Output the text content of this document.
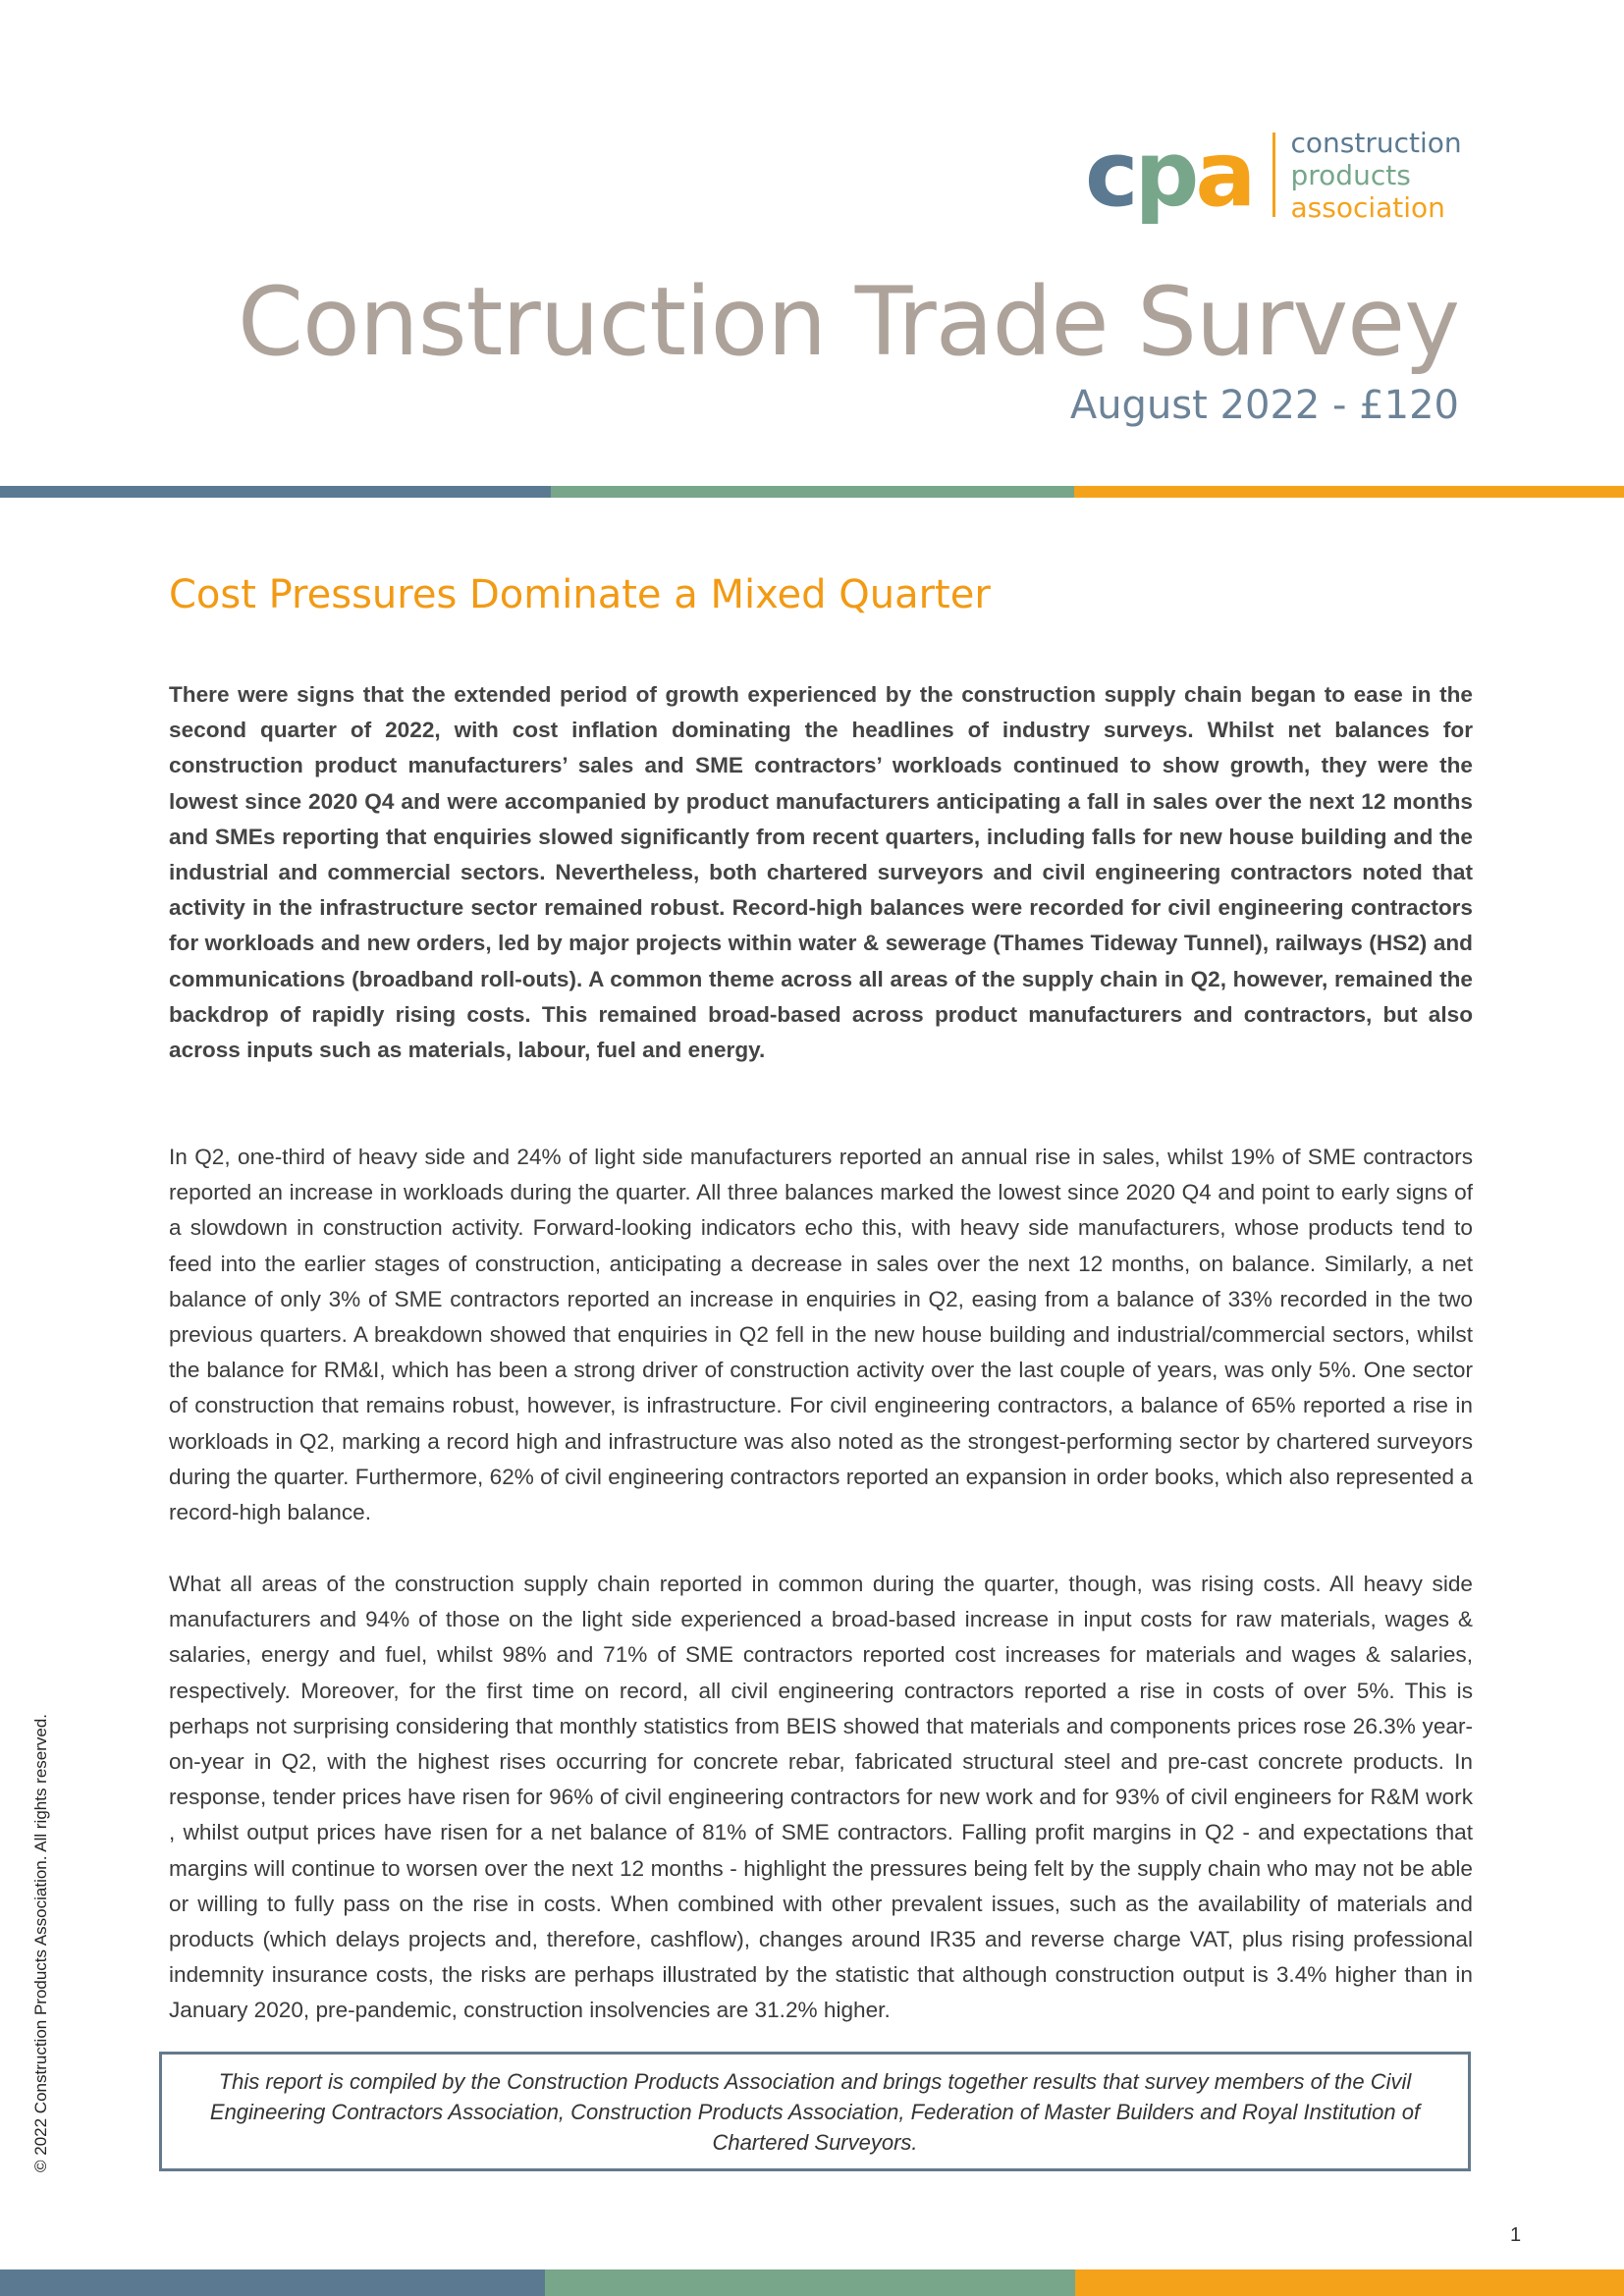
c p a construction
products
association
Construction Trade Survey
August 2022 - £120
Cost Pressures Dominate a Mixed Quarter

There were signs that the extended period of growth experienced by the construction supply chain began to ease in the second quarter of 2022, with cost inflation dominating the headlines of industry surveys. Whilst net balances for construction product manufacturers’ sales and SME contractors’ workloads continued to show growth, they were the lowest since 2020 Q4 and were accompanied by product manufacturers anticipating a fall in sales over the next 12 months and SMEs reporting that enquiries slowed significantly from recent quarters, including falls for new house building and the industrial and commercial sectors. Nevertheless, both chartered surveyors and civil engineering contractors noted that activity in the infrastructure sector remained robust. Record-high balances were recorded for civil engineering contractors for workloads and new orders, led by major projects within water & sewerage (Thames Tideway Tunnel), railways (HS2) and communications (broadband roll-outs). A common theme across all areas of the supply chain in Q2, however, remained the backdrop of rapidly rising costs. This remained broad-based across product manufacturers and contractors, but also across inputs such as materials, labour, fuel and energy.

In Q2, one-third of heavy side and 24% of light side manufacturers reported an annual rise in sales, whilst 19% of SME contractors reported an increase in workloads during the quarter. All three balances marked the lowest since 2020 Q4 and point to early signs of a slowdown in construction activity. Forward-looking indicators echo this, with heavy side manufacturers, whose products tend to feed into the earlier stages of construction, anticipating a decrease in sales over the next 12 months, on balance. Similarly, a net balance of only 3% of SME contractors reported an increase in enquiries in Q2, easing from a balance of 33% recorded in the two previous quarters. A breakdown showed that enquiries in Q2 fell in the new house building and industrial/commercial sectors, whilst the balance for RM&I, which has been a strong driver of construction activity over the last couple of years, was only 5%. One sector of construction that remains robust, however, is infrastructure. For civil engineering contractors, a balance of 65% reported a rise in workloads in Q2, marking a record high and infrastructure was also noted as the strongest-performing sector by chartered surveyors during the quarter. Furthermore, 62% of civil engineering contractors reported an expansion in order books, which also represented a record-high balance.

What all areas of the construction supply chain reported in common during the quarter, though, was rising costs. All heavy side manufacturers and 94% of those on the light side experienced a broad-based increase in input costs for raw materials, wages & salaries, energy and fuel, whilst 98% and 71% of SME contractors reported cost increases for materials and wages & salaries, respectively. Moreover, for the first time on record, all civil engineering contractors reported a rise in costs of over 5%. This is perhaps not surprising considering that monthly statistics from BEIS showed that materials and components prices rose 26.3% year-on-year in Q2, with the highest rises occurring for concrete rebar, fabricated structural steel and pre-cast concrete products. In response, tender prices have risen for 96% of civil engineering contractors for new work and for 93% of civil engineers for R&M work , whilst output prices have risen for a net balance of 81% of SME contractors. Falling profit margins in Q2 - and expectations that margins will continue to worsen over the next 12 months - highlight the pressures being felt by the supply chain who may not be able or willing to fully pass on the rise in costs. When combined with other prevalent issues, such as the availability of materials and products (which delays projects and, therefore, cashflow), changes around IR35 and reverse charge VAT, plus rising professional indemnity insurance costs, the risks are perhaps illustrated by the statistic that although construction output is 3.4% higher than in January 2020, pre-pandemic, construction insolvencies are 31.2% higher.

This report is compiled by the Construction Products Association and brings together results that survey members of the Civil Engineering Contractors Association, Construction Products Association, Federation of Master Builders and Royal Institution of Chartered Surveyors.

© 2022 Construction Products Association. All rights reserved.
1
